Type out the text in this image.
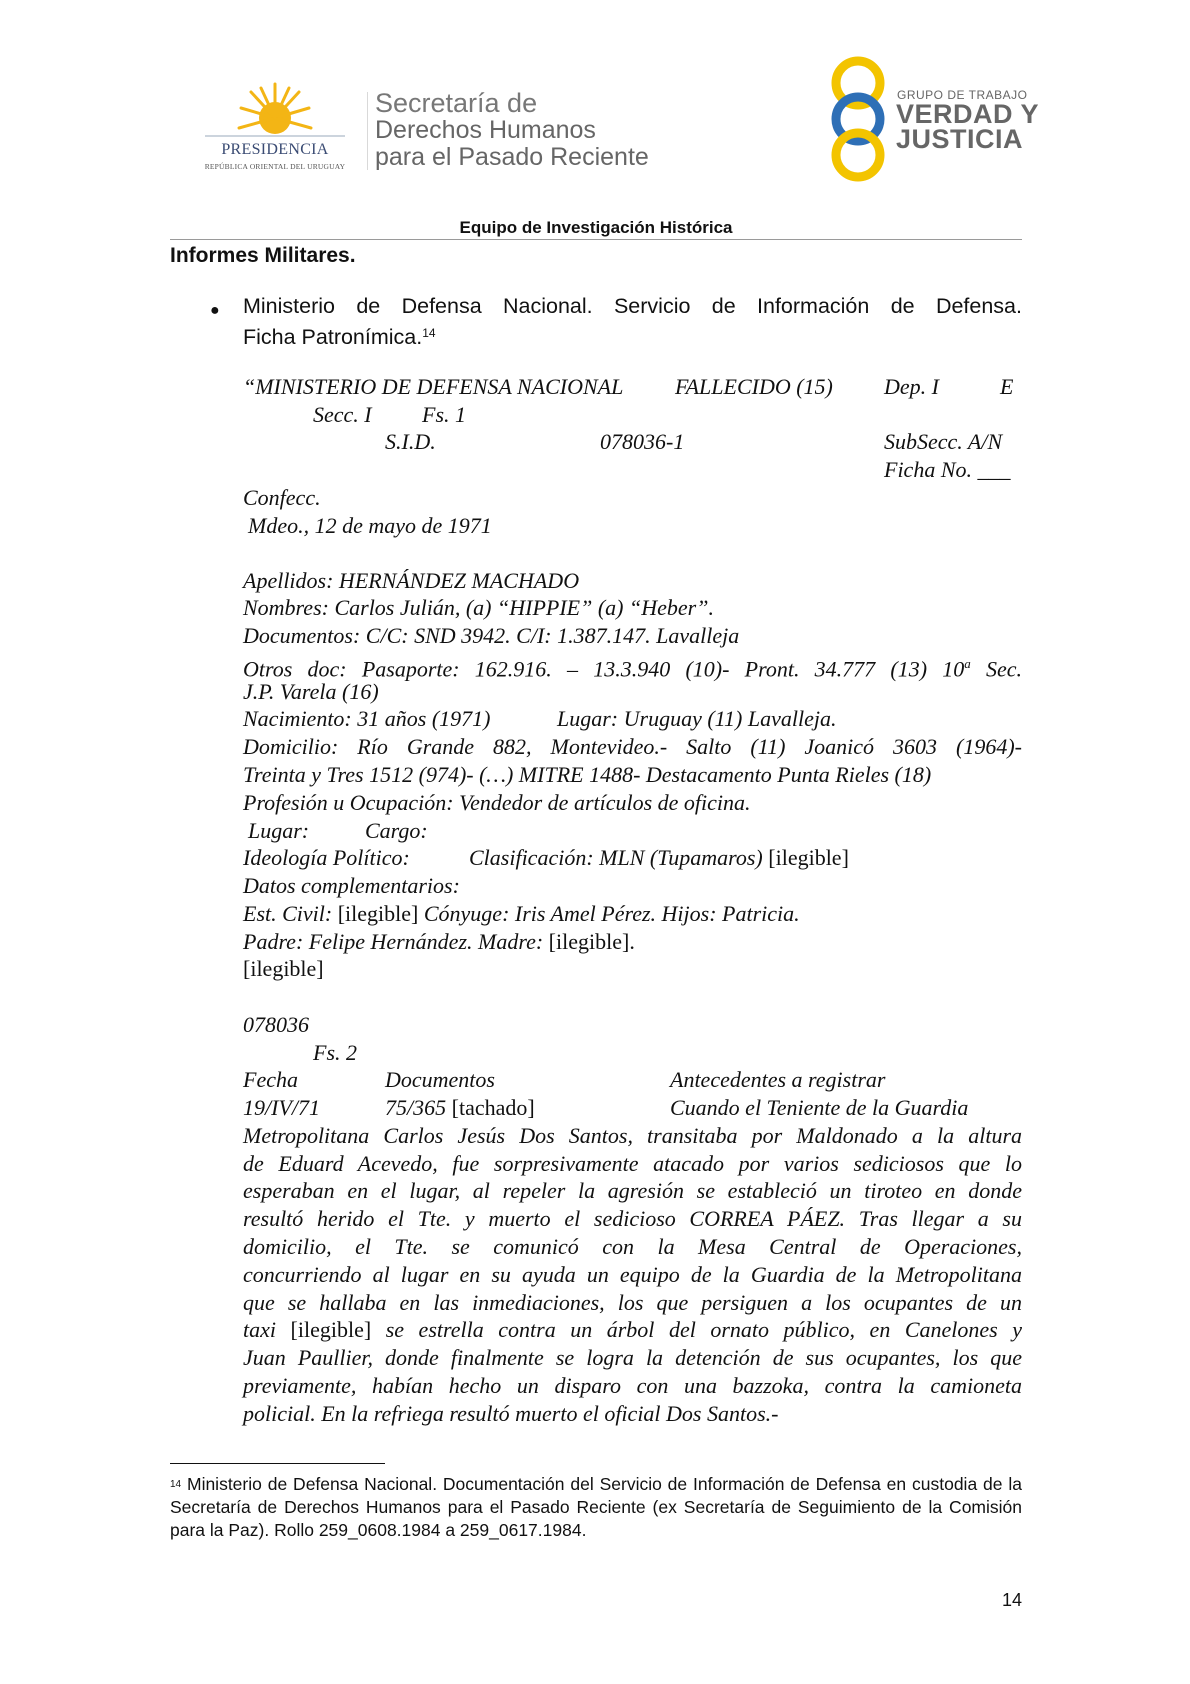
PRESIDENCIA
REPÚBLICA ORIENTAL DEL URUGUAY
Secretaría de
Derechos Humanos
para el Pasado Reciente
GRUPO DE TRABAJO
VERDAD Y
JUSTICIA
Equipo de Investigación Histórica
Informes Militares.
● Ministerio de Defensa Nacional. Servicio de Información de Defensa.
Ficha Patronímica.$^{14}$
“MINISTERIO DE DEFENSA NACIONAL FALLECIDO (15) Dep. I	E
Secc. I Fs. 1
S.I.D.	078036-1	SubSecc. A/N
Ficha No. ___
Confecc.
Mdeo., 12 de mayo de 1971
Apellidos: HERNÁNDEZ MACHADO
Nombres: Carlos Julián, (a) “HIPPIE” (a) “Heber”.
Documentos: C/C: SND 3942. C/I: 1.387.147. Lavalleja
Otros doc: Pasaporte: 162.916. – 13.3.940 (10)- Pront. 34.777 (13) 10$^a$ Sec.
J.P. Varela (16)
Nacimiento: 31 años (1971)	Lugar: Uruguay (11) Lavalleja.
Domicilio: Río Grande 882, Montevideo.- Salto (11) Joanicó 3603 (1964)-
Treinta y Tres 1512 (974)- (…) MITRE 1488- Destacamento Punta Rieles (18)
Profesión u Ocupación: Vendedor de artículos de oficina.
Lugar:	Cargo:
Ideología Político:	Clasificación: MLN (Tupamaros) [ilegible]
Datos complementarios:
Est. Civil: [ilegible] Cónyuge: Iris Amel Pérez. Hijos: Patricia.
Padre: Felipe Hernández. Madre: [ilegible].
[ilegible]
078036
Fs. 2
Fecha	Documentos	Antecedentes a registrar
19/IV/71	75/365 [tachado]	Cuando el Teniente de la Guardia
Metropolitana Carlos Jesús Dos Santos, transitaba por Maldonado a la altura
de Eduard Acevedo, fue sorpresivamente atacado por varios sediciosos que lo
esperaban en el lugar, al repeler la agresión se estableció un tiroteo en donde
resultó herido el Tte. y muerto el sedicioso CORREA PÁEZ. Tras llegar a su
domicilio, el Tte. se comunicó con la Mesa Central de Operaciones,
concurriendo al lugar en su ayuda un equipo de la Guardia de la Metropolitana
que se hallaba en las inmediaciones, los que persiguen a los ocupantes de un
taxi [ilegible] se estrella contra un árbol del ornato público, en Canelones y
Juan Paullier, donde finalmente se logra la detención de sus ocupantes, los que
previamente, habían hecho un disparo con una bazzoka, contra la camioneta
policial. En la refriega resultó muerto el oficial Dos Santos.-
$^{14}$ Ministerio de Defensa Nacional. Documentación del Servicio de Información de Defensa en custodia de la Secretaría de Derechos Humanos para el Pasado Reciente (ex Secretaría de Seguimiento de la Comisión para la Paz). Rollo 259_0608.1984 a 259_0617.1984.
14
